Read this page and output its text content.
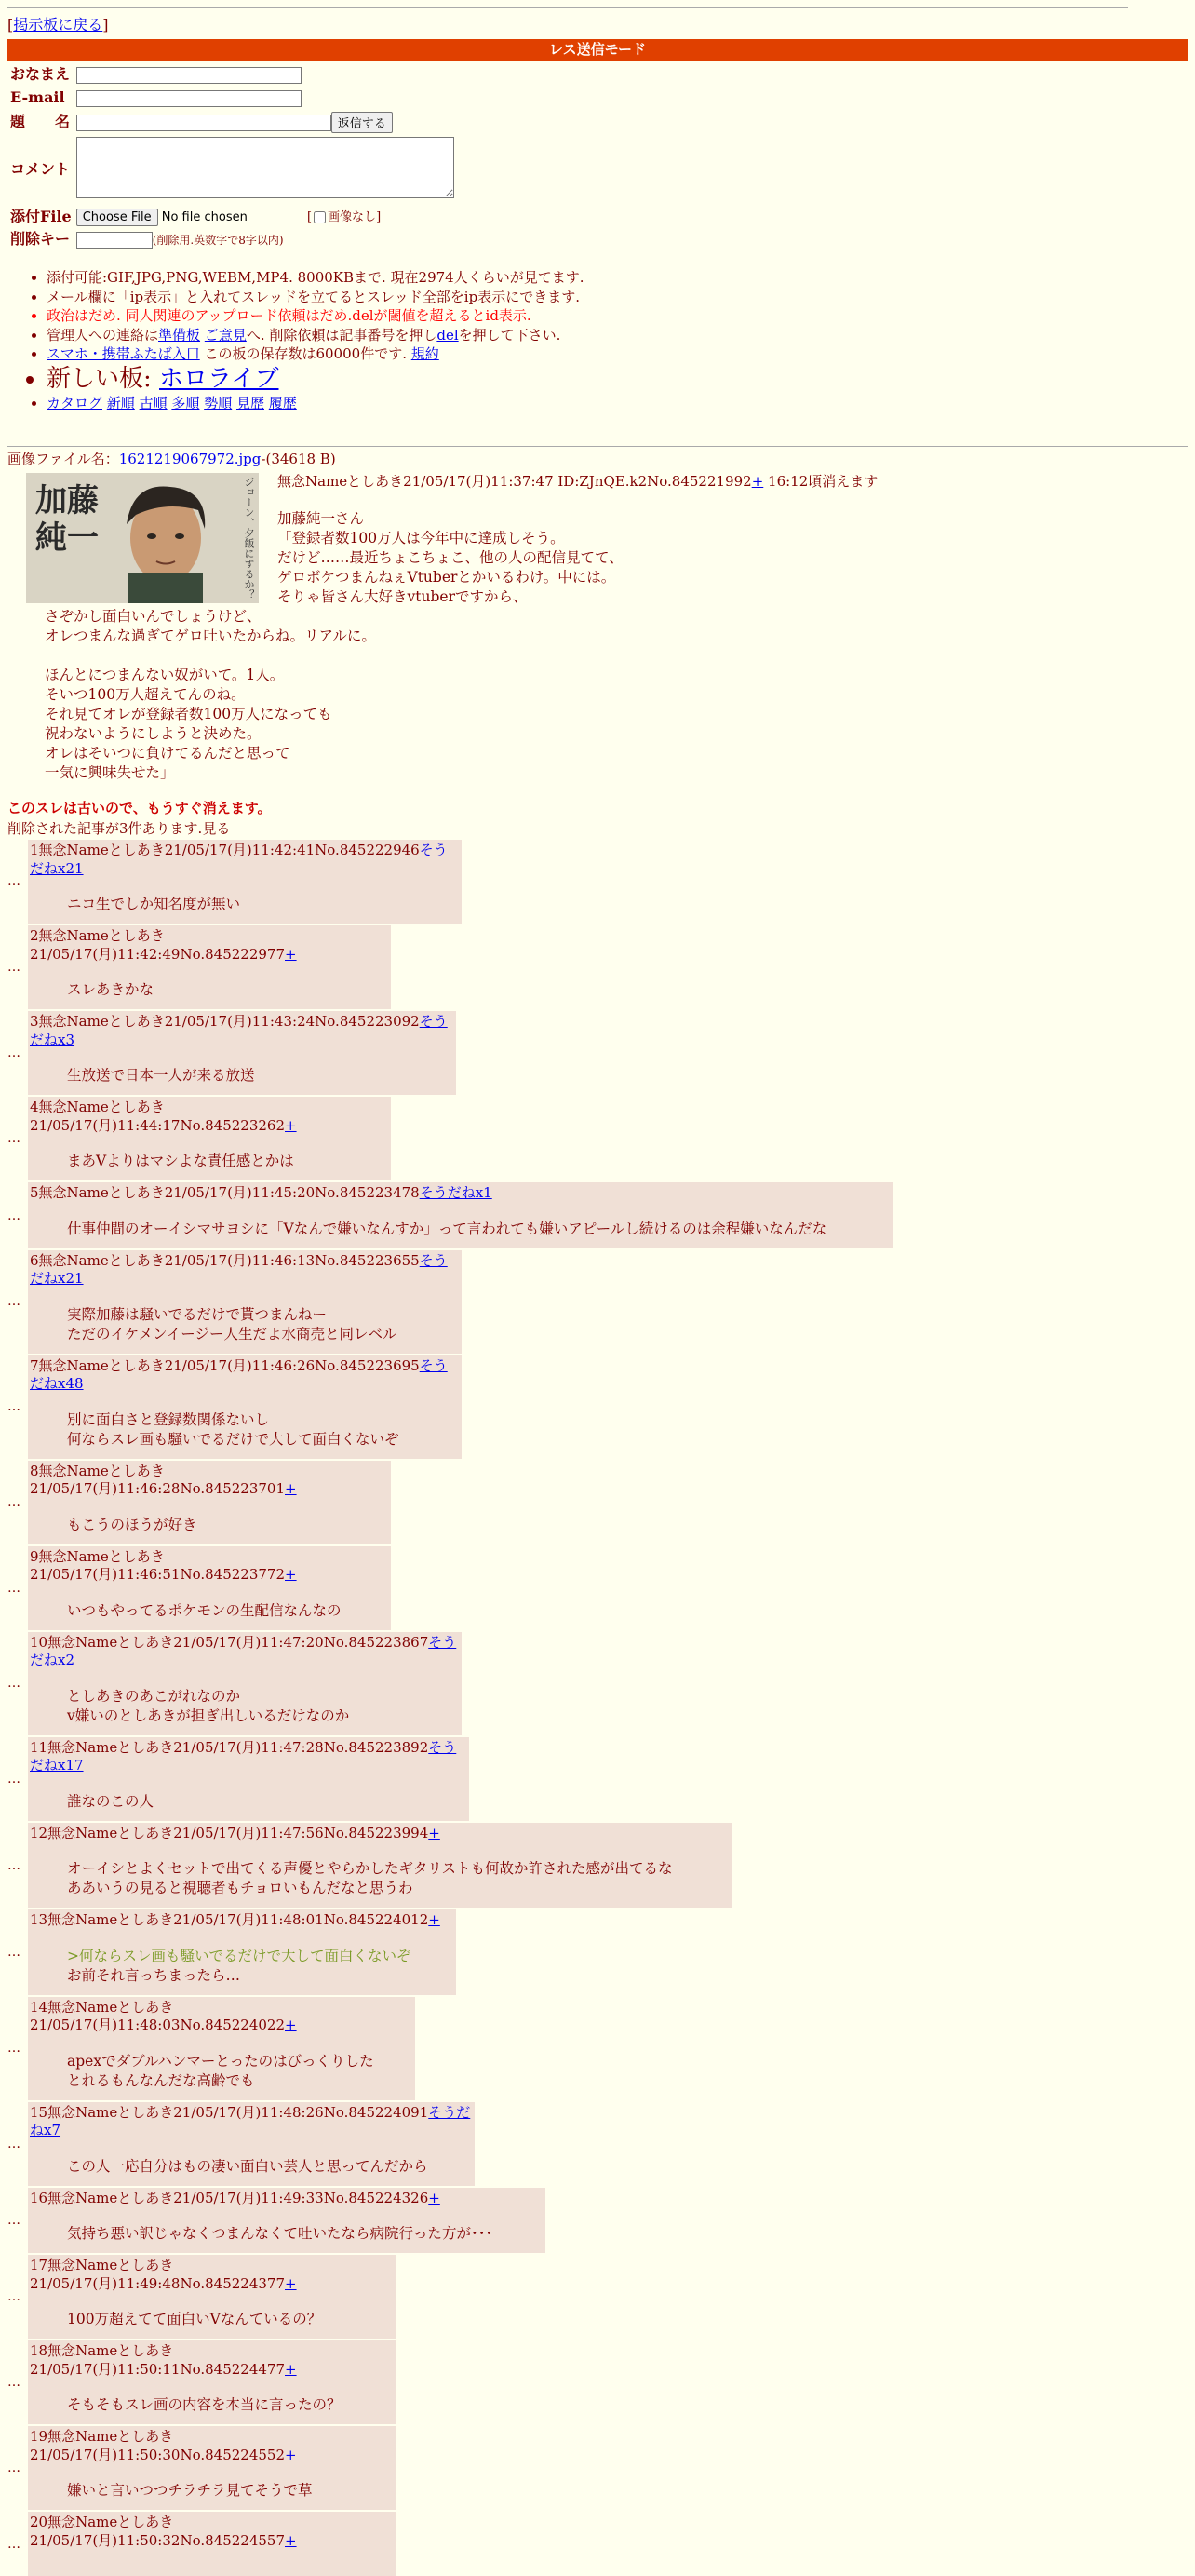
[掲示板に戻る]
レス送信モード
おなまえ	
E-mail	
題　　名	返信する
コメント	
添付File	Choose File No file chosen [ 画像なし]
削除キー	(削除用.英数字で8字以内)
• 添付可能:GIF,JPG,PNG,WEBM,MP4. 8000KBまで. 現在2974人くらいが見てます.
• メール欄に「ip表示」と入れてスレッドを立てるとスレッド全部をip表示にできます.
• 政治はだめ. 同人関連のアップロード依頼はだめ.delが閾値を超えるとid表示.
• 管理人への連絡は準備板 ご意見へ. 削除依頼は記事番号を押しdelを押して下さい.
• スマホ・携帯ふたば入口 この板の保存数は60000件です. 規約
• 新しい板: ホロライブ
• カタログ 新順 古順 多順 勢順 見歴 履歴
画像ファイル名：1621219067972.jpg-(34618 B)
加藤
純一	ジョーン、夕飯にするか？	無念Nameとしあき21/05/17(月)11:37:47 ID:ZJnQE.k2No.845221992+ 16:12頃消えます
加藤純一さん
「登録者数100万人は今年中に達成しそう。
だけど……最近ちょこちょこ、他の人の配信見てて、
ゲロボケつまんねぇVtuberとかいるわけ。中には。
そりゃ皆さん大好きvtuberですから、
さぞかし面白いんでしょうけど、
オレつまんな過ぎてゲロ吐いたからね。リアルに。
ほんとにつまんない奴がいて。1人。
そいつ100万人超えてんのね。
それ見てオレが登録者数100万人になっても
祝わないようにしようと決めた。
オレはそいつに負けてるんだと思って
一気に興味失せた」
このスレは古いので、もうすぐ消えます。
削除された記事が3件あります.見る
…
1無念Nameとしあき21/05/17(月)11:42:41No.845222946そうだねx21
ニコ生でしか知名度が無い
…
2無念Nameとしあき21/05/17(月)11:42:49No.845222977+
スレあきかな
…
3無念Nameとしあき21/05/17(月)11:43:24No.845223092そうだねx3
生放送で日本一人が来る放送
…
4無念Nameとしあき21/05/17(月)11:44:17No.845223262+
まあVよりはマシよな責任感とかは
…
5無念Nameとしあき21/05/17(月)11:45:20No.845223478そうだねx1
仕事仲間のオーイシマサヨシに「Vなんで嫌いなんすか」って言われても嫌いアピールし続けるのは余程嫌いなんだな
…
6無念Nameとしあき21/05/17(月)11:46:13No.845223655そうだねx21
実際加藤は騒いでるだけで貰つまんねー
ただのイケメンイージー人生だよ水商売と同レベル
…
7無念Nameとしあき21/05/17(月)11:46:26No.845223695そうだねx48
別に面白さと登録数関係ないし
何ならスレ画も騒いでるだけで大して面白くないぞ
…
8無念Nameとしあき21/05/17(月)11:46:28No.845223701+
もこうのほうが好き
…
9無念Nameとしあき21/05/17(月)11:46:51No.845223772+
いつもやってるポケモンの生配信なんなの
…
10無念Nameとしあき21/05/17(月)11:47:20No.845223867そうだねx2
としあきのあこがれなのか
v嫌いのとしあきが担ぎ出しいるだけなのか
…
11無念Nameとしあき21/05/17(月)11:47:28No.845223892そうだねx17
誰なのこの人
…
12無念Nameとしあき21/05/17(月)11:47:56No.845223994+
オーイシとよくセットで出てくる声優とやらかしたギタリストも何故か許された感が出てるな
ああいうの見ると視聴者もチョロいもんだなと思うわ
…
13無念Nameとしあき21/05/17(月)11:48:01No.845224012+
>何ならスレ画も騒いでるだけで大して面白くないぞ
お前それ言っちまったら…
…
14無念Nameとしあき21/05/17(月)11:48:03No.845224022+
apexでダブルハンマーとったのはびっくりした
とれるもんなんだな高齢でも
…
15無念Nameとしあき21/05/17(月)11:48:26No.845224091そうだねx7
この人一応自分はもの凄い面白い芸人と思ってんだから
…
16無念Nameとしあき21/05/17(月)11:49:33No.845224326+
気持ち悪い訳じゃなくつまんなくて吐いたなら病院行った方が･･･
…
17無念Nameとしあき21/05/17(月)11:49:48No.845224377+
100万超えてて面白いVなんているの？
…
18無念Nameとしあき21/05/17(月)11:50:11No.845224477+
そもそもスレ画の内容を本当に言ったの？
…
19無念Nameとしあき21/05/17(月)11:50:30No.845224552+
嫌いと言いつつチラチラ見てそうで草
…
20無念Nameとしあき21/05/17(月)11:50:32No.845224557+
